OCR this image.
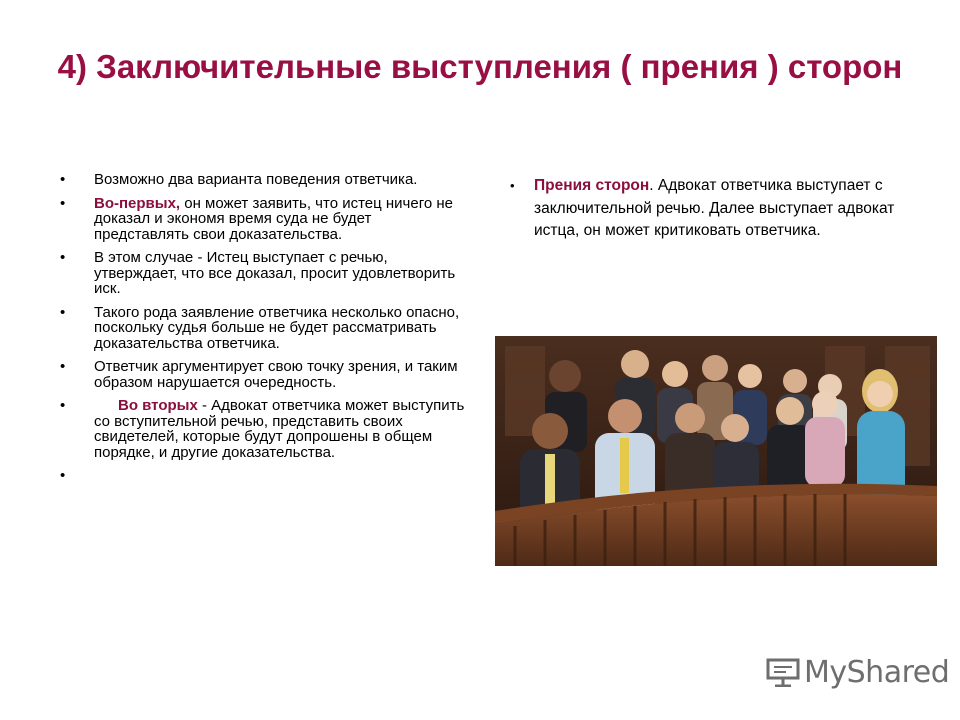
4) Заключительные выступления ( прения ) сторон
• Возможно два варианта поведения ответчика.
• Во-первых, он может заявить, что истец ничего не доказал и экономя время суда не будет представлять свои доказательства.
• В этом случае - Истец выступает с речью, утверждает, что все доказал, просит удовлетворить иск.
• Такого рода заявление ответчика несколько опасно, поскольку судья больше не будет рассматривать доказательства ответчика.
• Ответчик аргументирует свою точку зрения, и таким образом нарушается очередность.
• Во вторых - Адвокат ответчика может выступить со вступительной речью, представить своих свидетелей, которые будут допрошены в общем порядке, и другие доказательства.
•
• Прения сторон. Адвокат ответчика выступает с заключительной речью. Далее выступает адвокат истца, он может критиковать ответчика.
MyShared
